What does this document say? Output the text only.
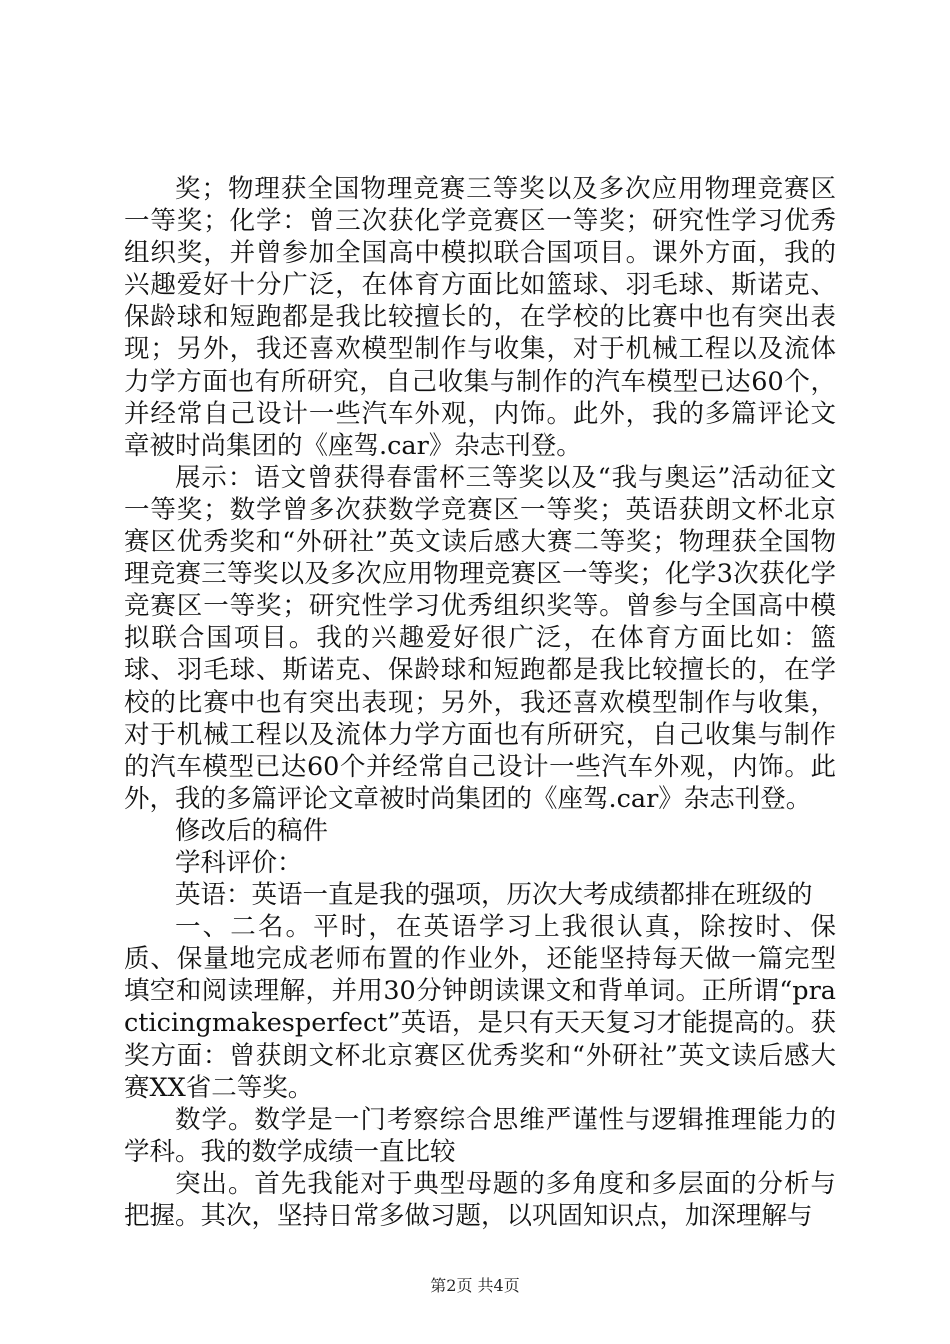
奖；物理获全国物理竞赛三等奖以及多次应用物理竞赛区一等奖；化学：曾三次获化学竞赛区一等奖；研究性学习优秀组织奖，并曾参加全国高中模拟联合国项目。课外方面，我的兴趣爱好十分广泛，在体育方面比如篮球、羽毛球、斯诺克、保龄球和短跑都是我比较擅长的，在学校的比赛中也有突出表现；另外，我还喜欢模型制作与收集，对于机械工程以及流体力学方面也有所研究，自己收集与制作的汽车模型已达60个，并经常自己设计一些汽车外观，内饰。此外，我的多篇评论文章被时尚集团的《座驾.car》杂志刊登。

展示：语文曾获得春雷杯三等奖以及“我与奥运”活动征文一等奖；数学曾多次获数学竞赛区一等奖；英语获朗文杯北京赛区优秀奖和“外研社”英文读后感大赛二等奖；物理获全国物理竞赛三等奖以及多次应用物理竞赛区一等奖；化学3次获化学竞赛区一等奖；研究性学习优秀组织奖等。曾参与全国高中模拟联合国项目。我的兴趣爱好很广泛，在体育方面比如：篮球、羽毛球、斯诺克、保龄球和短跑都是我比较擅长的，在学校的比赛中也有突出表现；另外，我还喜欢模型制作与收集，对于机械工程以及流体力学方面也有所研究，自己收集与制作的汽车模型已达60个并经常自己设计一些汽车外观，内饰。此外，我的多篇评论文章被时尚集团的《座驾.car》杂志刊登。

修改后的稿件

学科评价：

英语：英语一直是我的强项，历次大考成绩都排在班级的

一、二名。平时，在英语学习上我很认真，除按时、保质、保量地完成老师布置的作业外，还能坚持每天做一篇完型填空和阅读理解，并用30分钟朗读课文和背单词。正所谓“practicingmakesperfect”英语，是只有天天复习才能提高的。获奖方面：曾获朗文杯北京赛区优秀奖和“外研社”英文读后感大赛XX省二等奖。

数学。数学是一门考察综合思维严谨性与逻辑推理能力的学科。我的数学成绩一直比较

突出。首先我能对于典型母题的多角度和多层面的分析与把握。其次，坚持日常多做习题，以巩固知识点，加深理解与

第2页 共4页
